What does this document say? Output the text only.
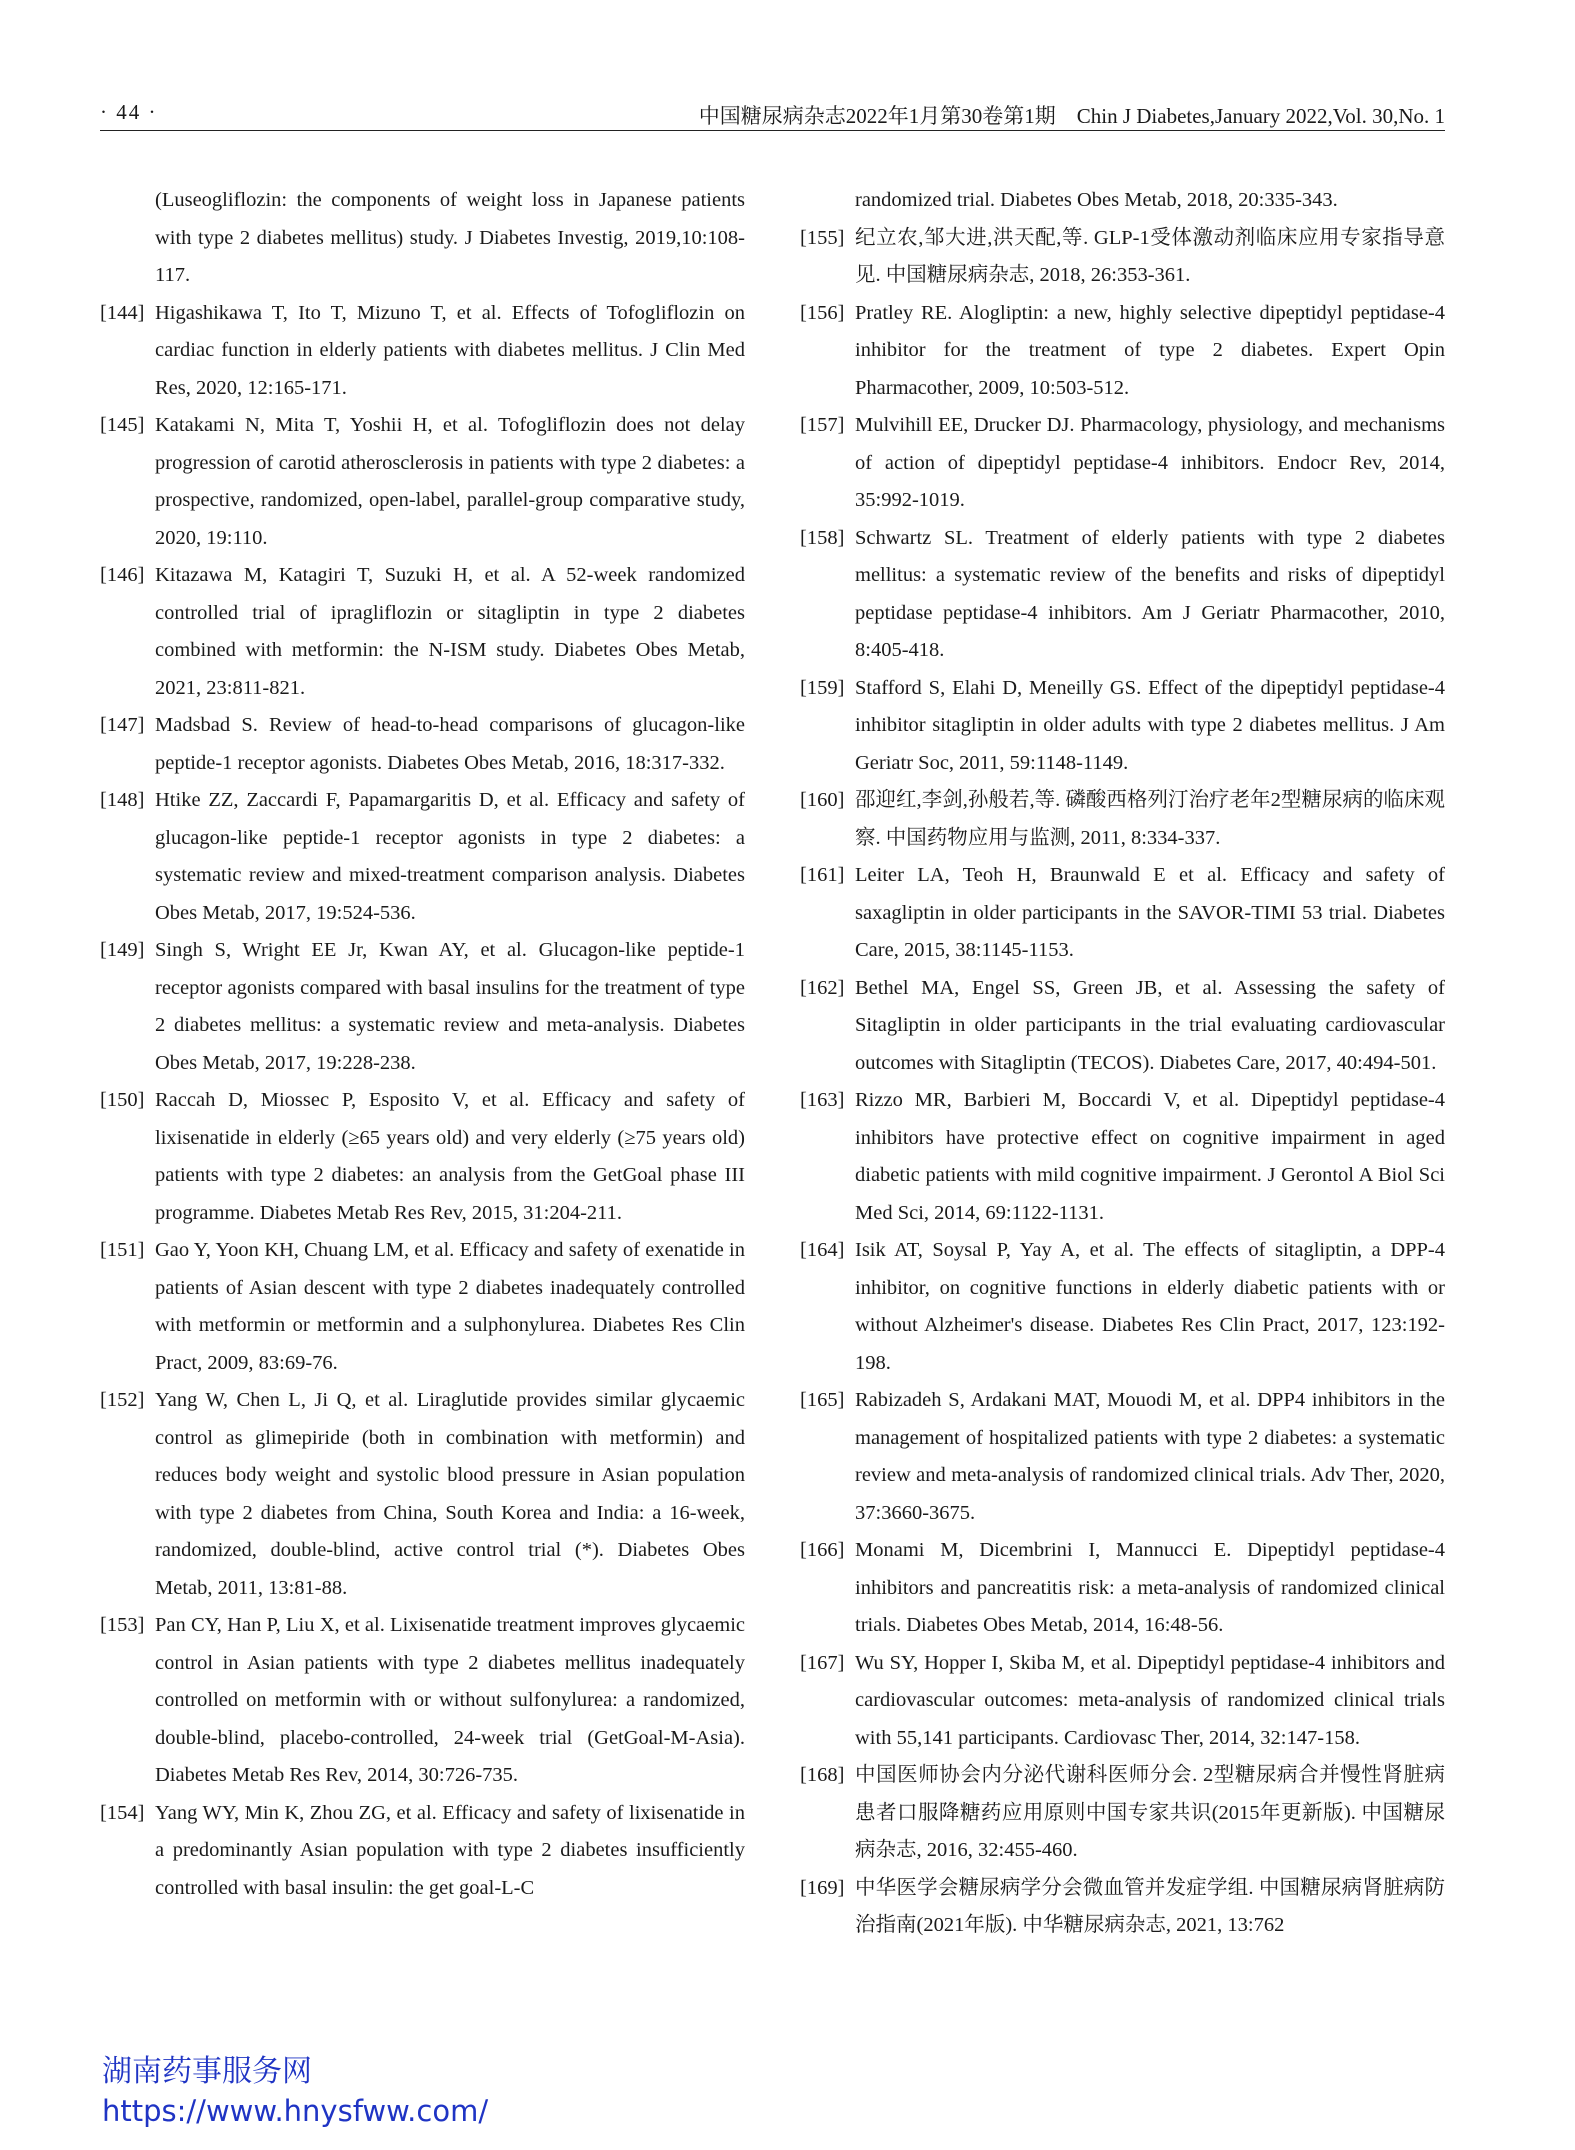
· 44 ·	中国糖尿病杂志2022年1月第30卷第1期　Chin J Diabetes,January 2022,Vol. 30,No. 1
(Luseogliflozin: the components of weight loss in Japanese patients with type 2 diabetes mellitus) study. J Diabetes Investig, 2019,10:108-117.
[144] Higashikawa T, Ito T, Mizuno T, et al. Effects of Tofogliflozin on cardiac function in elderly patients with diabetes mellitus. J Clin Med Res, 2020, 12:165-171.
[145] Katakami N, Mita T, Yoshii H, et al. Tofogliflozin does not delay progression of carotid atherosclerosis in patients with type 2 diabetes: a prospective, randomized, open-label, parallel-group comparative study, 2020, 19:110.
[146] Kitazawa M, Katagiri T, Suzuki H, et al. A 52-week randomized controlled trial of ipragliflozin or sitagliptin in type 2 diabetes combined with metformin: the N-ISM study. Diabetes Obes Metab, 2021, 23:811-821.
[147] Madsbad S. Review of head-to-head comparisons of glucagon-like peptide-1 receptor agonists. Diabetes Obes Metab, 2016, 18:317-332.
[148] Htike ZZ, Zaccardi F, Papamargaritis D, et al. Efficacy and safety of glucagon-like peptide-1 receptor agonists in type 2 diabetes: a systematic review and mixed-treatment comparison analysis. Diabetes Obes Metab, 2017, 19:524-536.
[149] Singh S, Wright EE Jr, Kwan AY, et al. Glucagon-like peptide-1 receptor agonists compared with basal insulins for the treatment of type 2 diabetes mellitus: a systematic review and meta-analysis. Diabetes Obes Metab, 2017, 19:228-238.
[150] Raccah D, Miossec P, Esposito V, et al. Efficacy and safety of lixisenatide in elderly (≥65 years old) and very elderly (≥75 years old) patients with type 2 diabetes: an analysis from the GetGoal phase III programme. Diabetes Metab Res Rev, 2015, 31:204-211.
[151] Gao Y, Yoon KH, Chuang LM, et al. Efficacy and safety of exenatide in patients of Asian descent with type 2 diabetes inadequately controlled with metformin or metformin and a sulphonylurea. Diabetes Res Clin Pract, 2009, 83:69-76.
[152] Yang W, Chen L, Ji Q, et al. Liraglutide provides similar glycaemic control as glimepiride (both in combination with metformin) and reduces body weight and systolic blood pressure in Asian population with type 2 diabetes from China, South Korea and India: a 16-week, randomized, double-blind, active control trial (*). Diabetes Obes Metab, 2011, 13:81-88.
[153] Pan CY, Han P, Liu X, et al. Lixisenatide treatment improves glycaemic control in Asian patients with type 2 diabetes mellitus inadequately controlled on metformin with or without sulfonylurea: a randomized, double-blind, placebo-controlled, 24-week trial (GetGoal-M-Asia). Diabetes Metab Res Rev, 2014, 30:726-735.
[154] Yang WY, Min K, Zhou ZG, et al. Efficacy and safety of lixisenatide in a predominantly Asian population with type 2 diabetes insufficiently controlled with basal insulin: the get goal-L-C
randomized trial. Diabetes Obes Metab, 2018, 20:335-343.
[155] 纪立农,邹大进,洪天配,等. GLP-1受体激动剂临床应用专家指导意见. 中国糖尿病杂志, 2018, 26:353-361.
[156] Pratley RE. Alogliptin: a new, highly selective dipeptidyl peptidase-4 inhibitor for the treatment of type 2 diabetes. Expert Opin Pharmacother, 2009, 10:503-512.
[157] Mulvihill EE, Drucker DJ. Pharmacology, physiology, and mechanisms of action of dipeptidyl peptidase-4 inhibitors. Endocr Rev, 2014, 35:992-1019.
[158] Schwartz SL. Treatment of elderly patients with type 2 diabetes mellitus: a systematic review of the benefits and risks of dipeptidyl peptidase peptidase-4 inhibitors. Am J Geriatr Pharmacother, 2010, 8:405-418.
[159] Stafford S, Elahi D, Meneilly GS. Effect of the dipeptidyl peptidase-4 inhibitor sitagliptin in older adults with type 2 diabetes mellitus. J Am Geriatr Soc, 2011, 59:1148-1149.
[160] 邵迎红,李剑,孙般若,等. 磷酸西格列汀治疗老年2型糖尿病的临床观察. 中国药物应用与监测, 2011, 8:334-337.
[161] Leiter LA, Teoh H, Braunwald E et al. Efficacy and safety of saxagliptin in older participants in the SAVOR-TIMI 53 trial. Diabetes Care, 2015, 38:1145-1153.
[162] Bethel MA, Engel SS, Green JB, et al. Assessing the safety of Sitagliptin in older participants in the trial evaluating cardiovascular outcomes with Sitagliptin (TECOS). Diabetes Care, 2017, 40:494-501.
[163] Rizzo MR, Barbieri M, Boccardi V, et al. Dipeptidyl peptidase-4 inhibitors have protective effect on cognitive impairment in aged diabetic patients with mild cognitive impairment. J Gerontol A Biol Sci Med Sci, 2014, 69:1122-1131.
[164] Isik AT, Soysal P, Yay A, et al. The effects of sitagliptin, a DPP-4 inhibitor, on cognitive functions in elderly diabetic patients with or without Alzheimer's disease. Diabetes Res Clin Pract, 2017, 123:192-198.
[165] Rabizadeh S, Ardakani MAT, Mouodi M, et al. DPP4 inhibitors in the management of hospitalized patients with type 2 diabetes: a systematic review and meta-analysis of randomized clinical trials. Adv Ther, 2020, 37:3660-3675.
[166] Monami M, Dicembrini I, Mannucci E. Dipeptidyl peptidase-4 inhibitors and pancreatitis risk: a meta-analysis of randomized clinical trials. Diabetes Obes Metab, 2014, 16:48-56.
[167] Wu SY, Hopper I, Skiba M, et al. Dipeptidyl peptidase-4 inhibitors and cardiovascular outcomes: meta-analysis of randomized clinical trials with 55,141 participants. Cardiovasc Ther, 2014, 32:147-158.
[168] 中国医师协会内分泌代谢科医师分会. 2型糖尿病合并慢性肾脏病患者口服降糖药应用原则中国专家共识(2015年更新版). 中国糖尿病杂志, 2016, 32:455-460.
[169] 中华医学会糖尿病学分会微血管并发症学组. 中国糖尿病肾脏病防治指南(2021年版). 中华糖尿病杂志, 2021, 13:762
湖南药事服务网
https://www.hnysfww.com/
